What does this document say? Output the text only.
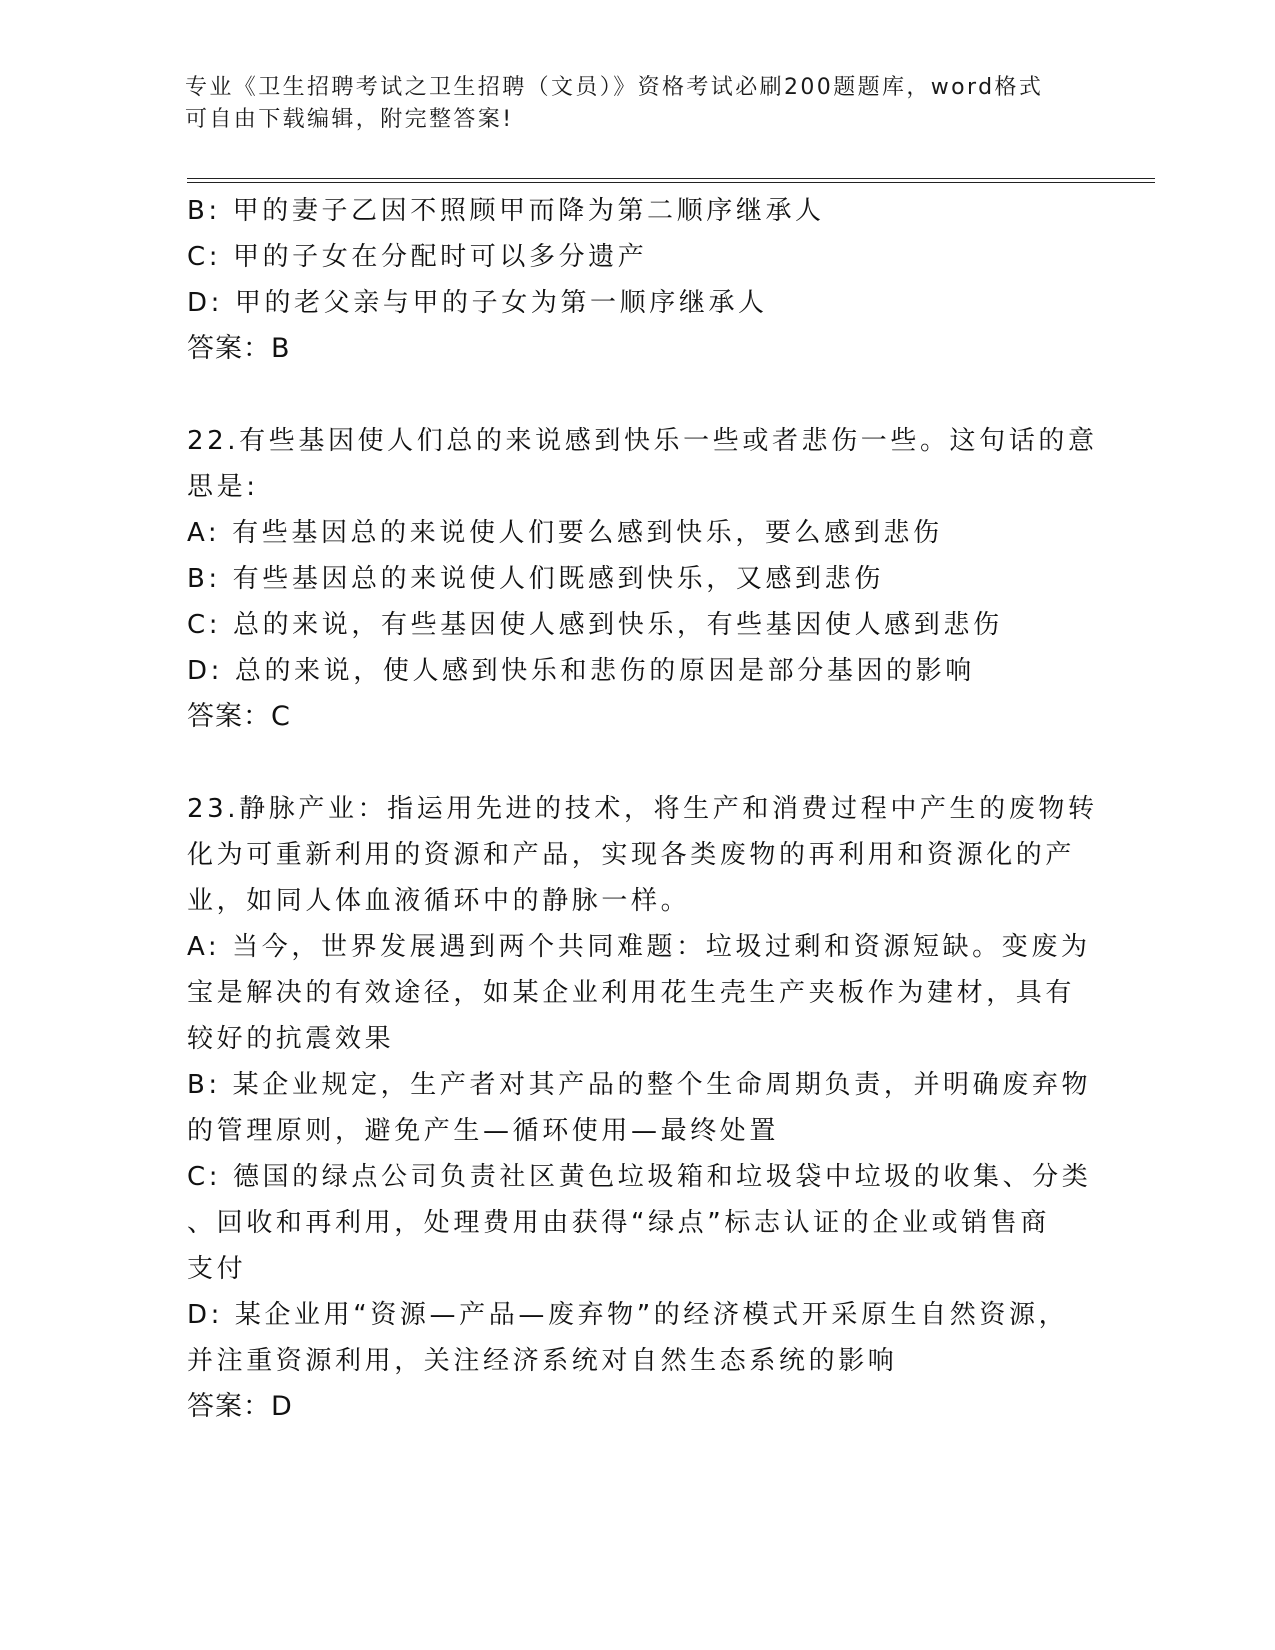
专业《卫生招聘考试之卫生招聘（文员）》资格考试必刷200题题库，word格式
可自由下载编辑，附完整答案!
B: 甲的妻子乙因不照顾甲而降为第二顺序继承人
C: 甲的子女在分配时可以多分遗产
D: 甲的老父亲与甲的子女为第一顺序继承人
答案：B
22.有些基因使人们总的来说感到快乐一些或者悲伤一些。这句话的意
思是:
A: 有些基因总的来说使人们要么感到快乐，要么感到悲伤
B: 有些基因总的来说使人们既感到快乐，又感到悲伤
C: 总的来说，有些基因使人感到快乐，有些基因使人感到悲伤
D: 总的来说，使人感到快乐和悲伤的原因是部分基因的影响
答案：C
23.静脉产业：指运用先进的技术，将生产和消费过程中产生的废物转
化为可重新利用的资源和产品，实现各类废物的再利用和资源化的产
业，如同人体血液循环中的静脉一样。
A: 当今，世界发展遇到两个共同难题：垃圾过剩和资源短缺。变废为
宝是解决的有效途径，如某企业利用花生壳生产夹板作为建材，具有
较好的抗震效果
B: 某企业规定，生产者对其产品的整个生命周期负责，并明确废弃物
的管理原则，避免产生—循环使用—最终处置
C: 德国的绿点公司负责社区黄色垃圾箱和垃圾袋中垃圾的收集、分类
、回收和再利用，处理费用由获得“绿点”标志认证的企业或销售商
支付
D: 某企业用“资源—产品—废弃物”的经济模式开采原生自然资源，
并注重资源利用，关注经济系统对自然生态系统的影响
答案：D
